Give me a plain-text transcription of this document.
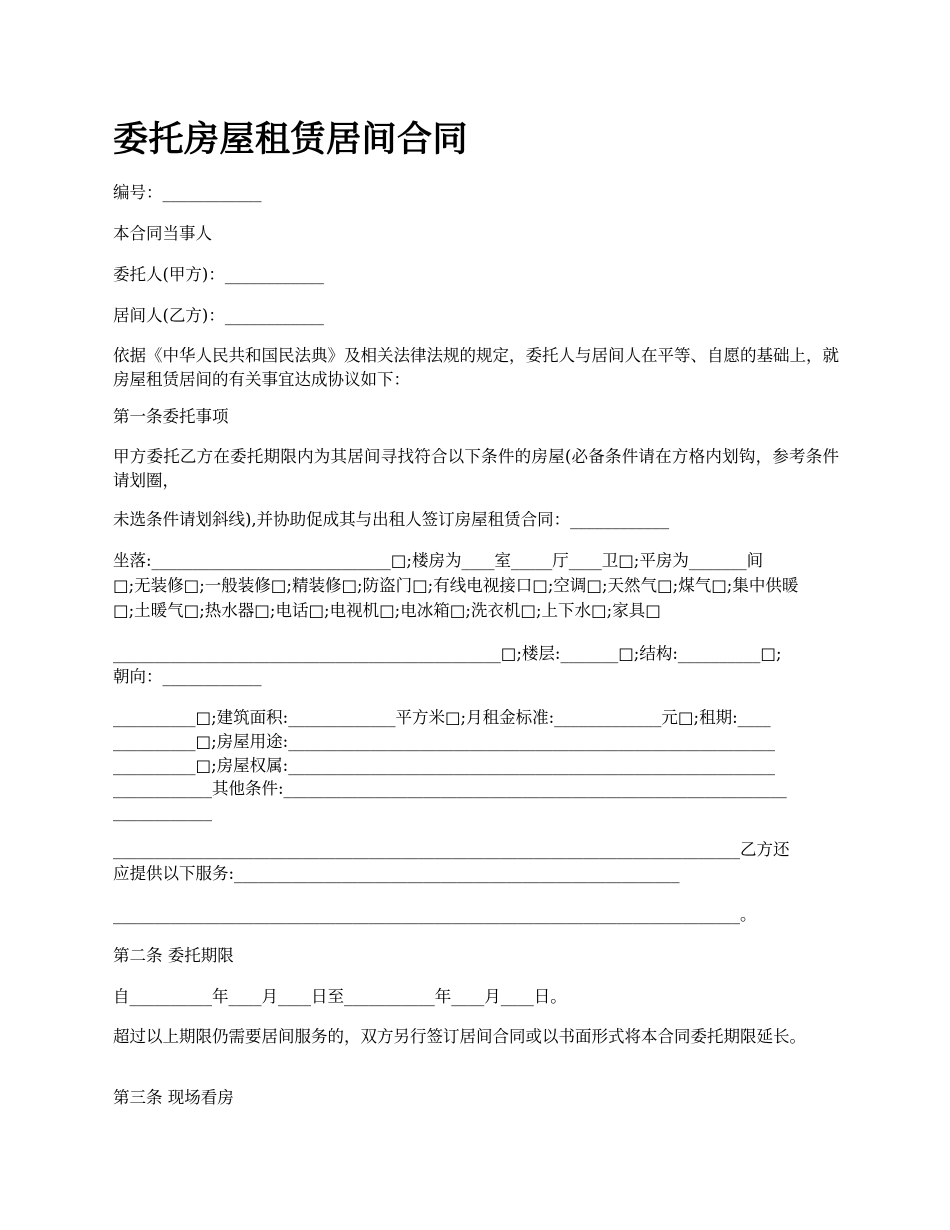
委托房屋租赁居间合同
编号：____________
本合同当事人
委托人(甲方)：____________
居间人(乙方)：____________
依据《中华人民共和国民法典》及相关法律法规的规定，委托人与居间人在平等、自愿的基础上，就房屋租赁居间的有关事宜达成协议如下：
第一条委托事项
甲方委托乙方在委托期限内为其居间寻找符合以下条件的房屋(必备条件请在方格内划钩，参考条件请划圈，
未选条件请划斜线),并协助促成其与出租人签订房屋租赁合同：____________
坐落:_____________________________□;楼房为____室_____厅____卫□;平房为_______间
□;无装修□;一般装修□;精装修□;防盗门□;有线电视接口□;空调□;天然气□;煤气□;集中供暖
□;土暖气□;热水器□;电话□;电视机□;电冰箱□;洗衣机□;上下水□;家具□
_______________________________________________□;楼层:_______□;结构:__________□;
朝向：____________
__________□;建筑面积:_____________平方米□;月租金标准:_____________元□;租期:____
__________□;房屋用途:___________________________________________________________
__________□;房屋权属:___________________________________________________________
____________其他条件:_____________________________________________________________
____________
____________________________________________________________________________乙方还
应提供以下服务:______________________________________________________
____________________________________________________________________________。
第二条 委托期限
自__________年____月____日至___________年____月____日。
超过以上期限仍需要居间服务的，双方另行签订居间合同或以书面形式将本合同委托期限延长。
第三条 现场看房
